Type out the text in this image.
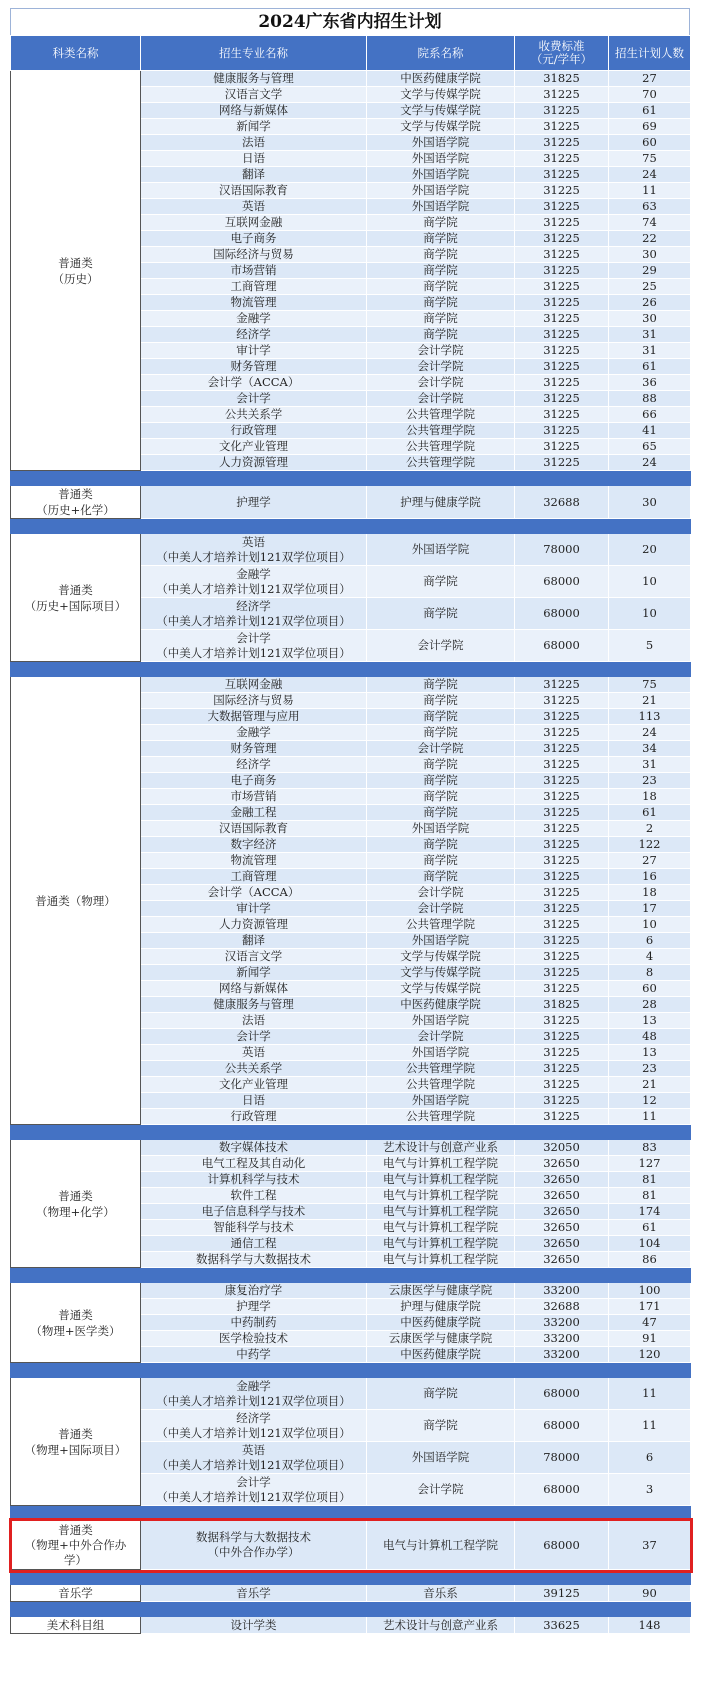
2024广东省内招生计划
科类名称	招生专业名称	院系名称	收费标准
（元/学年）	招生计划人数

普通类
（历史）	健康服务与管理	中医药健康学院	31825	27
	汉语言文学	文学与传媒学院	31225	70
	网络与新媒体	文学与传媒学院	31225	61
	新闻学	文学与传媒学院	31225	69
	法语	外国语学院	31225	60
	日语	外国语学院	31225	75
	翻译	外国语学院	31225	24
	汉语国际教育	外国语学院	31225	11
	英语	外国语学院	31225	63
	互联网金融	商学院	31225	74
	电子商务	商学院	31225	22
	国际经济与贸易	商学院	31225	30
	市场营销	商学院	31225	29
	工商管理	商学院	31225	25
	物流管理	商学院	31225	26
	金融学	商学院	31225	30
	经济学	商学院	31225	31
	审计学	会计学院	31225	31
	财务管理	会计学院	31225	61
	会计学（ACCA）	会计学院	31225	36
	会计学	会计学院	31225	88
	公共关系学	公共管理学院	31225	66
	行政管理	公共管理学院	31225	41
	文化产业管理	公共管理学院	31225	65
	人力资源管理	公共管理学院	31225	24

普通类
（历史+化学）	护理学	护理与健康学院	32688	30

普通类
（历史+国际项目）	英语
（中美人才培养计划121双学位项目）	外国语学院	78000	20
	金融学
（中美人才培养计划121双学位项目）	商学院	68000	10
	经济学
（中美人才培养计划121双学位项目）	商学院	68000	10
	会计学
（中美人才培养计划121双学位项目）	会计学院	68000	5

普通类（物理）	互联网金融	商学院	31225	75
	国际经济与贸易	商学院	31225	21
	大数据管理与应用	商学院	31225	113
	金融学	商学院	31225	24
	财务管理	会计学院	31225	34
	经济学	商学院	31225	31
	电子商务	商学院	31225	23
	市场营销	商学院	31225	18
	金融工程	商学院	31225	61
	汉语国际教育	外国语学院	31225	2
	数字经济	商学院	31225	122
	物流管理	商学院	31225	27
	工商管理	商学院	31225	16
	会计学（ACCA）	会计学院	31225	18
	审计学	会计学院	31225	17
	人力资源管理	公共管理学院	31225	10
	翻译	外国语学院	31225	6
	汉语言文学	文学与传媒学院	31225	4
	新闻学	文学与传媒学院	31225	8
	网络与新媒体	文学与传媒学院	31225	60
	健康服务与管理	中医药健康学院	31825	28
	法语	外国语学院	31225	13
	会计学	会计学院	31225	48
	英语	外国语学院	31225	13
	公共关系学	公共管理学院	31225	23
	文化产业管理	公共管理学院	31225	21
	日语	外国语学院	31225	12
	行政管理	公共管理学院	31225	11

普通类
（物理+化学）	数字媒体技术	艺术设计与创意产业系	32050	83
	电气工程及其自动化	电气与计算机工程学院	32650	127
	计算机科学与技术	电气与计算机工程学院	32650	81
	软件工程	电气与计算机工程学院	32650	81
	电子信息科学与技术	电气与计算机工程学院	32650	174
	智能科学与技术	电气与计算机工程学院	32650	61
	通信工程	电气与计算机工程学院	32650	104
	数据科学与大数据技术	电气与计算机工程学院	32650	86

普通类
（物理+医学类）	康复治疗学	云康医学与健康学院	33200	100
	护理学	护理与健康学院	32688	171
	中药制药	中医药健康学院	33200	47
	医学检验技术	云康医学与健康学院	33200	91
	中药学	中医药健康学院	33200	120

普通类
（物理+国际项目）	金融学
（中美人才培养计划121双学位项目）	商学院	68000	11
	经济学
（中美人才培养计划121双学位项目）	商学院	68000	11
	英语
（中美人才培养计划121双学位项目）	外国语学院	78000	6
	会计学
（中美人才培养计划121双学位项目）	会计学院	68000	3

普通类
（物理+中外合作办
学）	数据科学与大数据技术
（中外合作办学）	电气与计算机工程学院	68000	37

音乐学	音乐学	音乐系	39125	90

美术科目组	设计学类	艺术设计与创意产业系	33625	148
